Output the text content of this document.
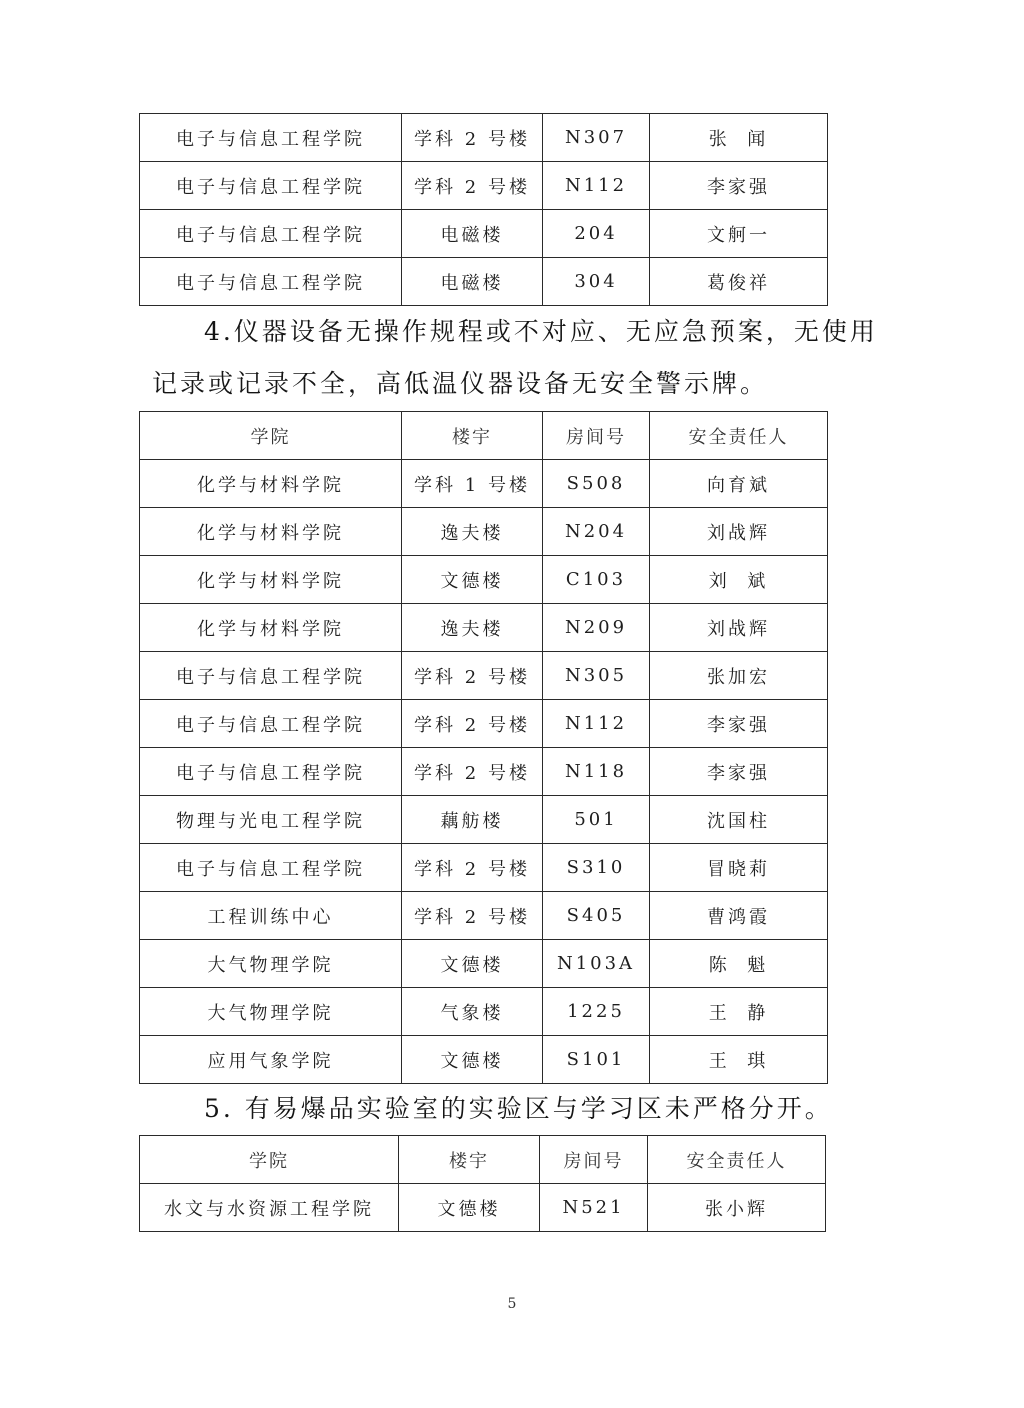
电子与信息工程学院	学科 2 号楼	N307	张  闻
电子与信息工程学院	学科 2 号楼	N112	李家强
电子与信息工程学院	电磁楼	204	文舸一
电子与信息工程学院	电磁楼	304	葛俊祥

4.仪器设备无操作规程或不对应、无应急预案，无使用

记录或记录不全，高低温仪器设备无安全警示牌。

学院	楼宇	房间号	安全责任人
化学与材料学院	学科 1 号楼	S508	向育斌
化学与材料学院	逸夫楼	N204	刘战辉
化学与材料学院	文德楼	C103	刘  斌
化学与材料学院	逸夫楼	N209	刘战辉
电子与信息工程学院	学科 2 号楼	N305	张加宏
电子与信息工程学院	学科 2 号楼	N112	李家强
电子与信息工程学院	学科 2 号楼	N118	李家强
物理与光电工程学院	藕舫楼	501	沈国柱
电子与信息工程学院	学科 2 号楼	S310	冒晓莉
工程训练中心	学科 2 号楼	S405	曹鸿霞
大气物理学院	文德楼	N103A	陈  魁
大气物理学院	气象楼	1225	王  静
应用气象学院	文德楼	S101	王  琪

5. 有易爆品实验室的实验区与学习区未严格分开。

学院	楼宇	房间号	安全责任人
水文与水资源工程学院	文德楼	N521	张小辉
5
